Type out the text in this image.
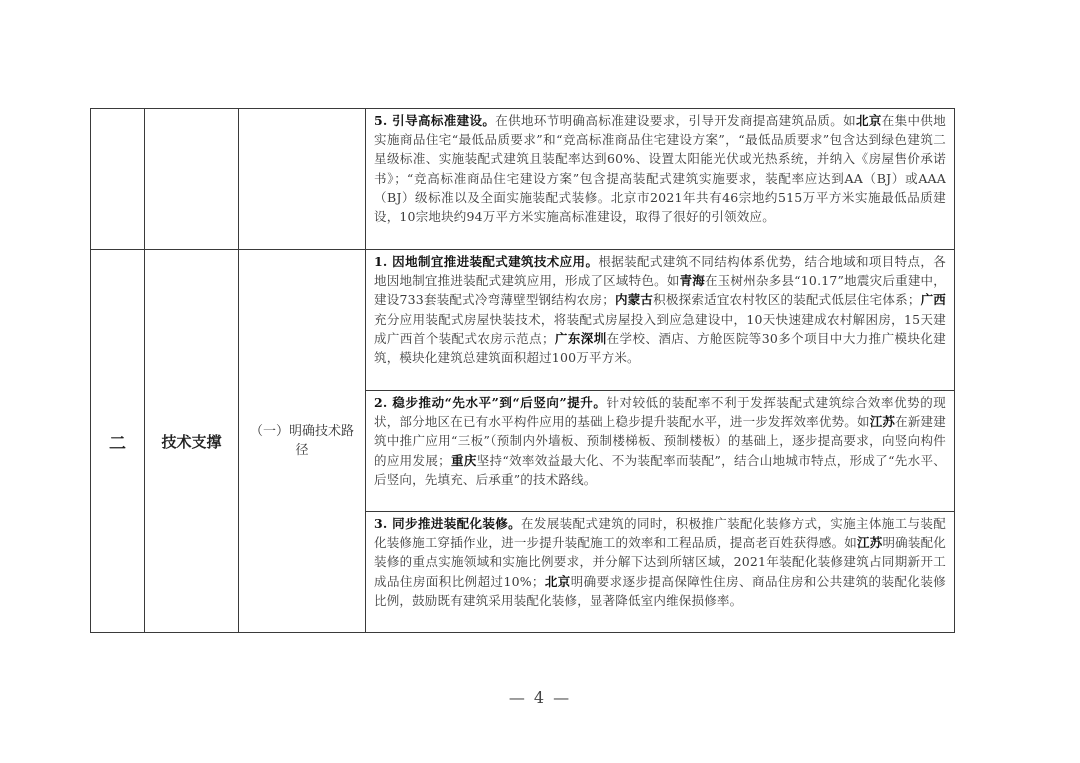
			5. 引导高标准建设。在供地环节明确高标准建设要求，引导开发商提高建筑品质。如北京在集中供地实施商品住宅“最低品质要求”和“竞高标准商品住宅建设方案”，“最低品质要求”包含达到绿色建筑二星级标准、实施装配式建筑且装配率达到60%、设置太阳能光伏或光热系统，并纳入《房屋售价承诺书》；“竞高标准商品住宅建设方案”包含提高装配式建筑实施要求，装配率应达到AA（BJ）或AAA（BJ）级标准以及全面实施装配式装修。北京市2021年共有46宗地约515万平方米实施最低品质建设，10宗地块约94万平方米实施高标准建设，取得了很好的引领效应。
二	技术支撑	（一）明确技术路径	1. 因地制宜推进装配式建筑技术应用。根据装配式建筑不同结构体系优势，结合地域和项目特点，各地因地制宜推进装配式建筑应用，形成了区域特色。如青海在玉树州杂多县“10.17”地震灾后重建中，建设733套装配式冷弯薄壁型钢结构农房；内蒙古积极探索适宜农村牧区的装配式低层住宅体系；广西充分应用装配式房屋快装技术，将装配式房屋投入到应急建设中，10天快速建成农村解困房，15天建成广西首个装配式农房示范点；广东深圳在学校、酒店、方舱医院等30多个项目中大力推广模块化建筑，模块化建筑总建筑面积超过100万平方米。
			2. 稳步推动“先水平”到“后竖向”提升。针对较低的装配率不利于发挥装配式建筑综合效率优势的现状，部分地区在已有水平构件应用的基础上稳步提升装配水平，进一步发挥效率优势。如江苏在新建建筑中推广应用“三板”（预制内外墙板、预制楼梯板、预制楼板）的基础上，逐步提高要求，向竖向构件的应用发展；重庆坚持“效率效益最大化、不为装配率而装配”，结合山地城市特点，形成了“先水平、后竖向，先填充、后承重”的技术路线。
			3. 同步推进装配化装修。在发展装配式建筑的同时，积极推广装配化装修方式，实施主体施工与装配化装修施工穿插作业，进一步提升装配施工的效率和工程品质，提高老百姓获得感。如江苏明确装配化装修的重点实施领域和实施比例要求，并分解下达到所辖区域，2021年装配化装修建筑占同期新开工成品住房面积比例超过10%；北京明确要求逐步提高保障性住房、商品住房和公共建筑的装配化装修比例，鼓励既有建筑采用装配化装修，显著降低室内维保损修率。
— 4 —
